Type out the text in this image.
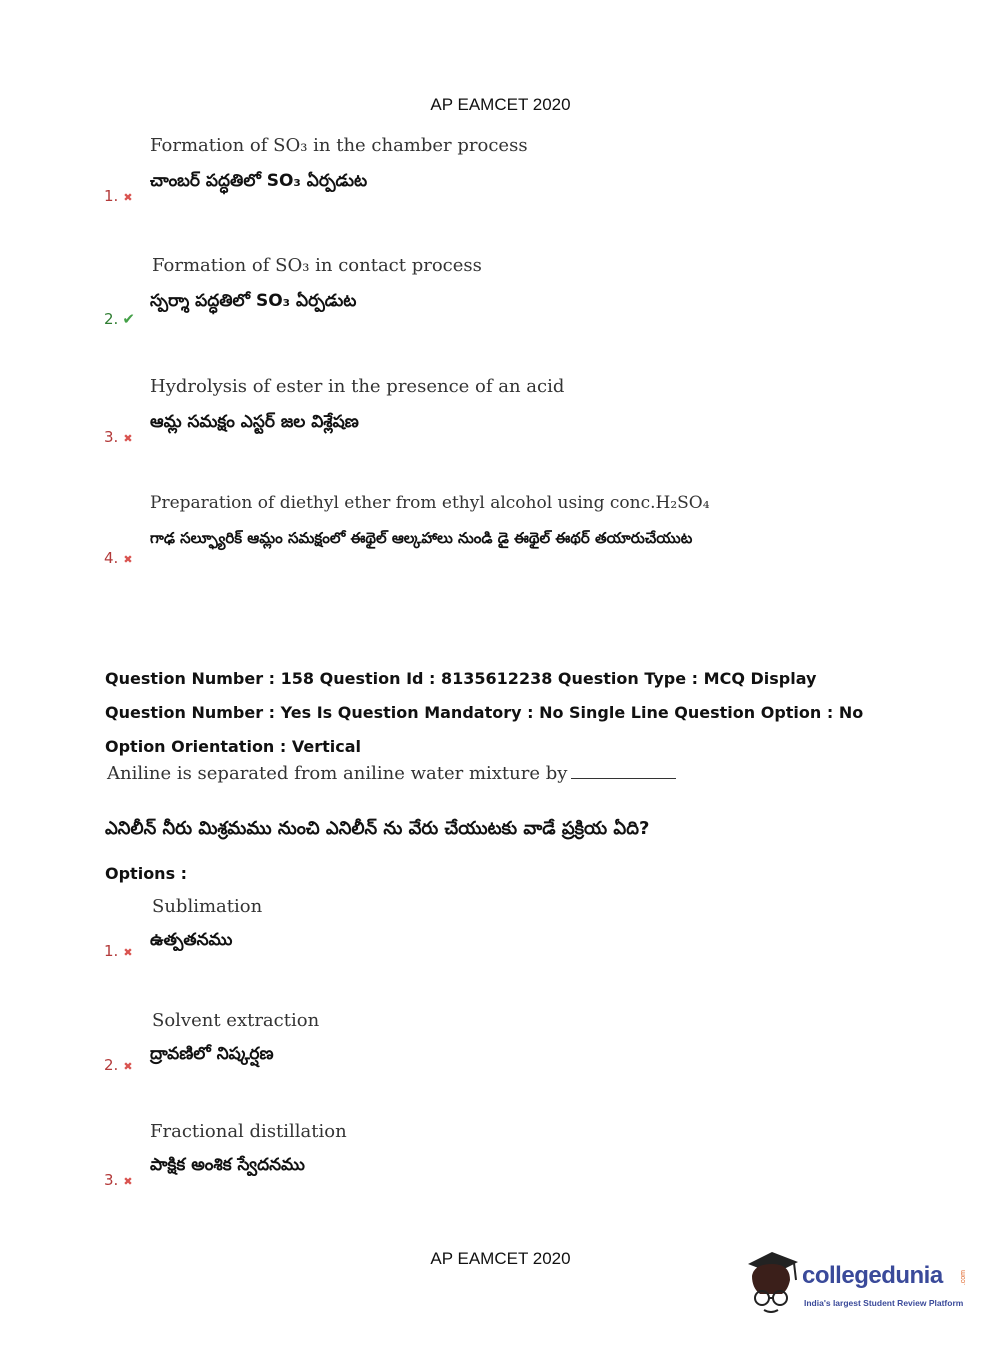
AP EAMCET 2020
Formation of SO₃ in the chamber process
చాంబర్ పద్ధతిలో SO₃ ఏర్పడుట
1. ✖
Formation of SO₃ in contact process
స్పర్శా పద్ధతిలో SO₃ ఏర్పడుట
2. ✔
Hydrolysis of ester in the presence of an acid
ఆమ్ల సమక్షం ఎస్టర్ జల విశ్లేషణ
3. ✖
Preparation of diethyl ether from ethyl alcohol using conc.H₂SO₄
గాఢ సల్ఫ్యూరిక్ ఆమ్లం సమక్షంలో ఈథైల్ ఆల్కహాలు నుండి డై ఈథైల్ ఈథర్ తయారుచేయుట
4. ✖
Question Number : 158 Question Id : 8135612238 Question Type : MCQ Display Question Number : Yes Is Question Mandatory : No Single Line Question Option : No Option Orientation : Vertical
Aniline is separated from aniline water mixture by
ఎనిలీన్ నీరు మిశ్రమము నుంచి ఎనిలీన్ ను వేరు చేయుటకు వాడే ప్రక్రియ ఏది?
Options :
Sublimation
ఉత్పతనము
1. ✖
Solvent extraction
ద్రావణిలో నిష్కర్షణ
2. ✖
Fractional distillation
పాక్షిక అంశిక స్వేదనము
3. ✖
AP EAMCET 2020
collegedunia .com
India's largest Student Review Platform
